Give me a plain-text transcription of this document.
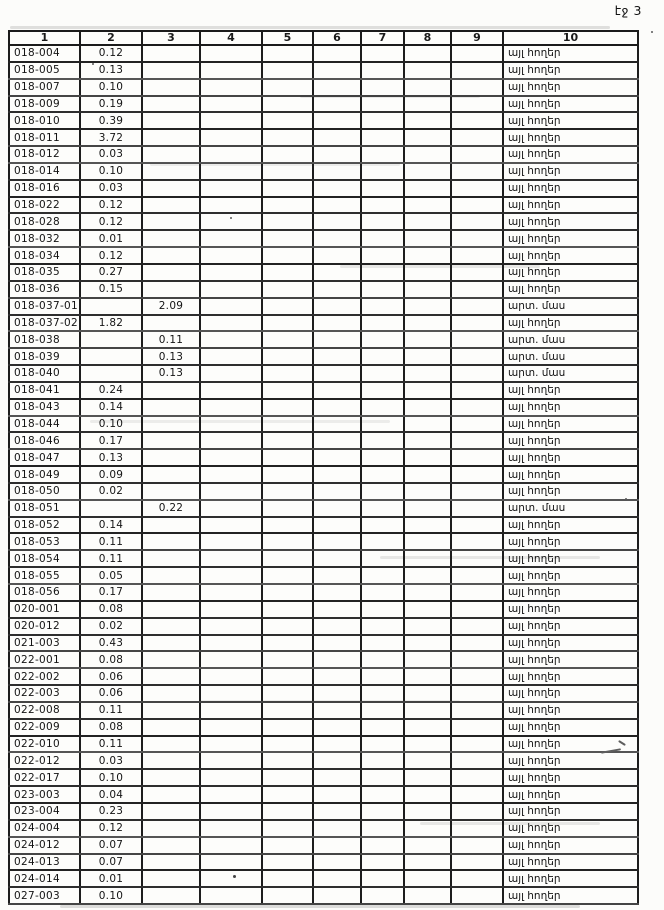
էջ 3
1	2	3	4	5	6	7	8	9	10
018-004	0.12								այլ հողեր
018-005	0.13								այլ հողեր
018-007	0.10								այլ հողեր
018-009	0.19								այլ հողեր
018-010	0.39								այլ հողեր
018-011	3.72								այլ հողեր
018-012	0.03								այլ հողեր
018-014	0.10								այլ հողեր
018-016	0.03								այլ հողեր
018-022	0.12								այլ հողեր
018-028	0.12								այլ հողեր
018-032	0.01								այլ հողեր
018-034	0.12								այլ հողեր
018-035	0.27								այլ հողեր
018-036	0.15								այլ հողեր
018-037-01		2.09							արտ. մաս
018-037-02	1.82								այլ հողեր
018-038		0.11							արտ. մաս
018-039		0.13							արտ. մաս
018-040		0.13							արտ. մաս
018-041	0.24								այլ հողեր
018-043	0.14								այլ հողեր
018-044	0.10								այլ հողեր
018-046	0.17								այլ հողեր
018-047	0.13								այլ հողեր
018-049	0.09								այլ հողեր
018-050	0.02								այլ հողեր
018-051		0.22							արտ. մաս
018-052	0.14								այլ հողեր
018-053	0.11								այլ հողեր
018-054	0.11								այլ հողեր
018-055	0.05								այլ հողեր
018-056	0.17								այլ հողեր
020-001	0.08								այլ հողեր
020-012	0.02								այլ հողեր
021-003	0.43								այլ հողեր
022-001	0.08								այլ հողեր
022-002	0.06								այլ հողեր
022-003	0.06								այլ հողեր
022-008	0.11								այլ հողեր
022-009	0.08								այլ հողեր
022-010	0.11								այլ հողեր
022-012	0.03								այլ հողեր
022-017	0.10								այլ հողեր
023-003	0.04								այլ հողեր
023-004	0.23								այլ հողեր
024-004	0.12								այլ հողեր
024-012	0.07								այլ հողեր
024-013	0.07								այլ հողեր
024-014	0.01								այլ հողեր
027-003	0.10								այլ հողեր
